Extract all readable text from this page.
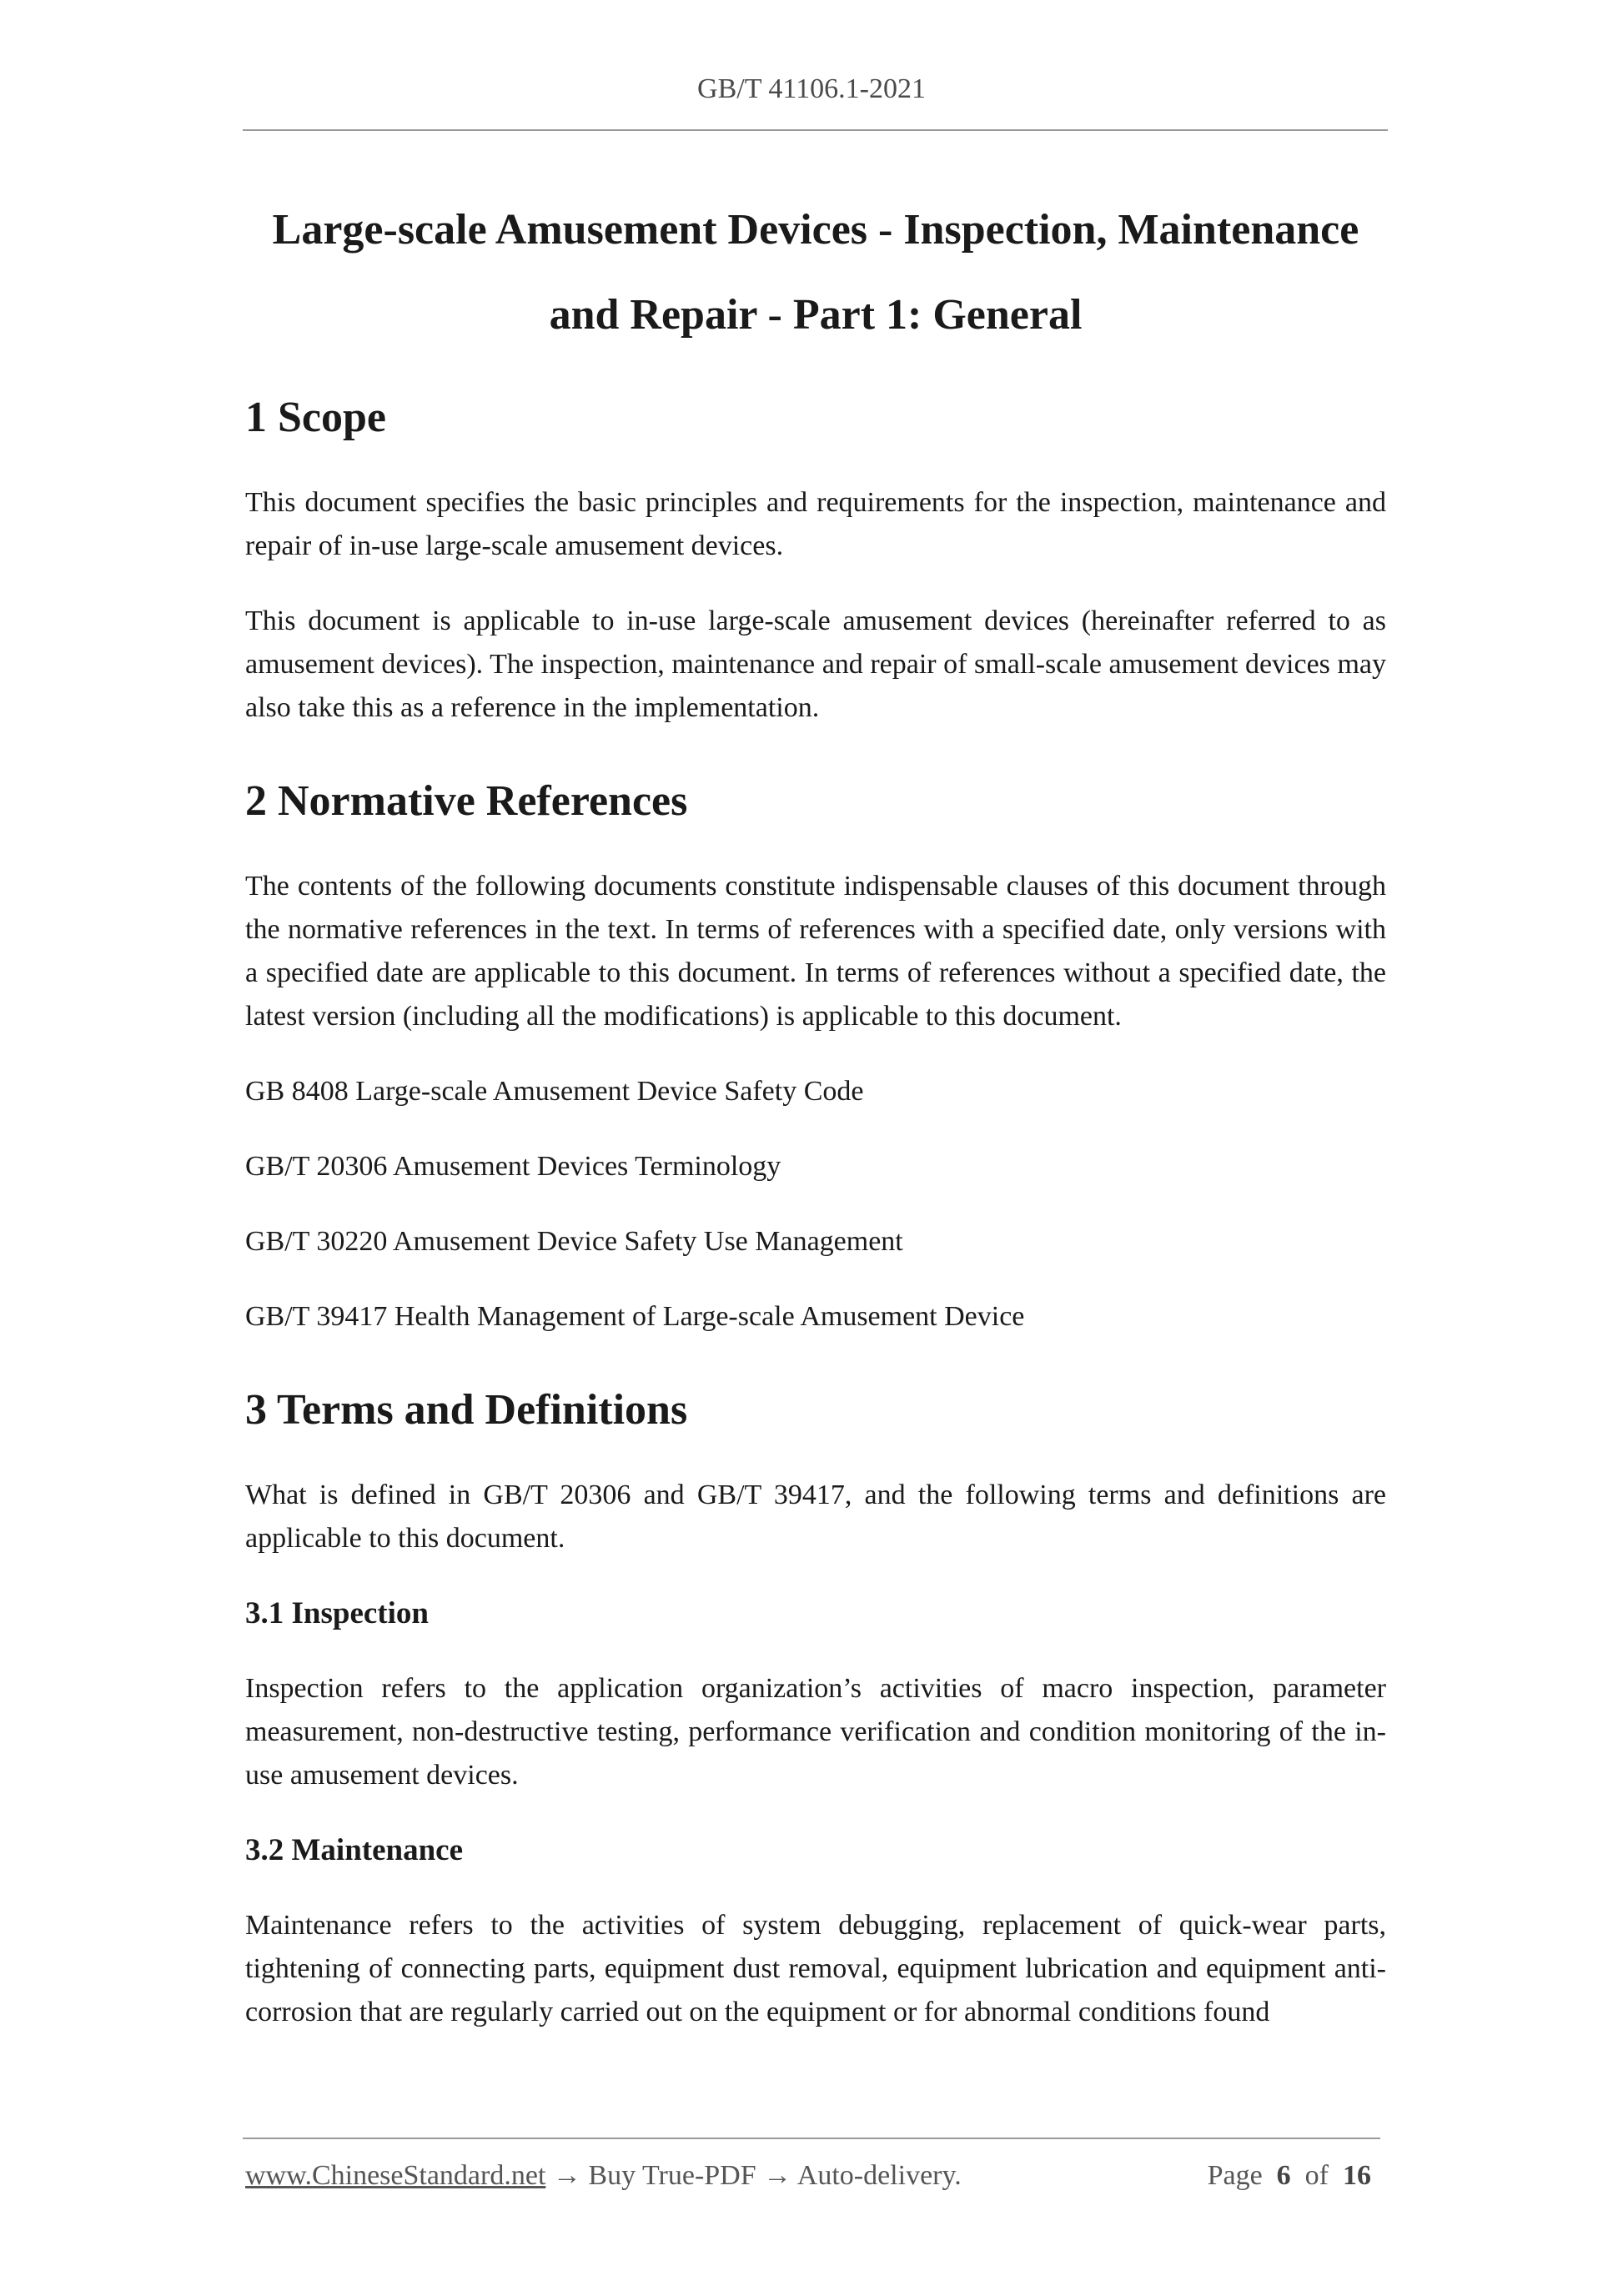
GB/T 41106.1-2021

Large-scale Amusement Devices - Inspection, Maintenance

and Repair - Part 1: General

1 Scope

This document specifies the basic principles and requirements for the inspection, maintenance and repair of in-use large-scale amusement devices.

This document is applicable to in-use large-scale amusement devices (hereinafter referred to as amusement devices). The inspection, maintenance and repair of small-scale amusement devices may also take this as a reference in the implementation.

2 Normative References

The contents of the following documents constitute indispensable clauses of this document through the normative references in the text. In terms of references with a specified date, only versions with a specified date are applicable to this document. In terms of references without a specified date, the latest version (including all the modifications) is applicable to this document.

GB 8408 Large-scale Amusement Device Safety Code

GB/T 20306 Amusement Devices Terminology

GB/T 30220 Amusement Device Safety Use Management

GB/T 39417 Health Management of Large-scale Amusement Device

3 Terms and Definitions

What is defined in GB/T 20306 and GB/T 39417, and the following terms and definitions are applicable to this document.

3.1 Inspection

Inspection refers to the application organization’s activities of macro inspection, parameter measurement, non-destructive testing, performance verification and condition monitoring of the in-use amusement devices.

3.2 Maintenance

Maintenance refers to the activities of system debugging, replacement of quick-wear parts, tightening of connecting parts, equipment dust removal, equipment lubrication and equipment anti-corrosion that are regularly carried out on the equipment or for abnormal conditions found

www.ChineseStandard.net → Buy True-PDF → Auto-delivery.	Page 6 of 16
